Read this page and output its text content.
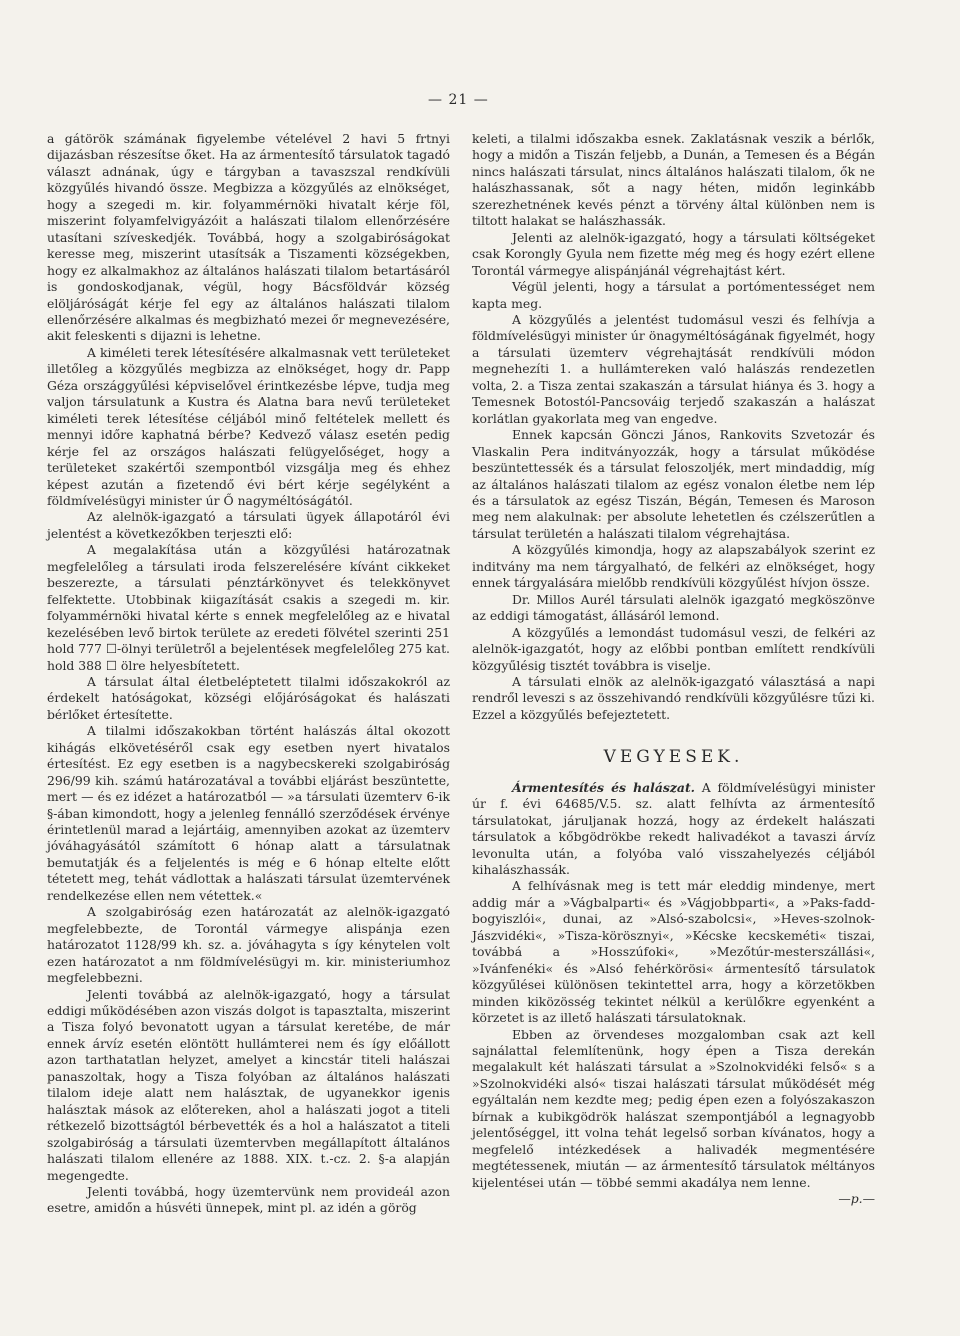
— 21 —

a gátörök számának figyelembe vételével 2 havi 5 frtnyi dijazásban részesítse őket. Ha az ármentesítő társulatok tagadó választ adnának, úgy e tárgyban a tavaszszal rendkívüli közgyűlés hivandó össze. Megbizza a közgyűlés az elnökséget, hogy a szegedi m. kir. folyammérnöki hivatalt kérje föl, miszerint folyamfelvigyázóit a halászati tilalom ellenőrzésére utasítani szíveskedjék. Továbbá, hogy a szolgabiróságokat keresse meg, miszerint utasítsák a Tiszamenti községekben, hogy ez alkalmakhoz az általános halászati tilalom betartásáról is gondoskodjanak, végül, hogy Bácsföldvár község elöljáróságát kérje fel egy az általános halászati tilalom ellenőrzésére alkalmas és megbizható mezei őr megnevezésére, akit feleskenti s dijazni is lehetne.

A kiméleti terek létesítésére alkalmasnak vett területeket illetőleg a közgyűlés megbizza az elnökséget, hogy dr. Papp Géza országgyűlési képviselővel érintkezésbe lépve, tudja meg valjon társulatunk a Kustra és Alatna bara nevű területeket kiméleti terek létesítése céljából minő feltételek mellett és mennyi időre kaphatná bérbe? Kedvező válasz esetén pedig kérje fel az országos halászati felügyelőséget, hogy a területeket szakértői szempontból vizsgálja meg és ehhez képest azután a fizetendő évi bért kérje segélyként a földmívelésügyi minister úr Ő nagyméltóságától.

Az alelnök-igazgató a társulati ügyek állapotáról évi jelentést a következőkben terjeszti elő:

A megalakítása után a közgyűlési határozatnak megfelelőleg a társulati iroda felszerelésére kívánt cikkeket beszerezte, a társulati pénztárkönyvet és telekkönyvet felfektette. Utobbinak kiigazítását csakis a szegedi m. kir. folyammérnöki hivatal kérte s ennek megfelelőleg az e hivatal kezelésében levő birtok területe az eredeti fölvétel szerinti 251 hold 777 ☐-ölnyi területről a bejelentések megfelelőleg 275 kat. hold 388 ☐ ölre helyesbítetett.

A társulat által életbeléptetett tilalmi időszakokról az érdekelt hatóságokat, községi előjáróságokat és halászati bérlőket értesítette.

A tilalmi időszakokban történt halászás által okozott kihágás elkövetéséről csak egy esetben nyert hivatalos értesítést. Ez egy esetben is a nagybecskereki szolgabiróság 296/99 kih. számú határozatával a további eljárást beszüntette, mert — és ez idézet a határozatból — »a társulati üzemterv 6-ik §-ában kimondott, hogy a jelenleg fennálló szerződések érvénye érintetlenül marad a lejártáig, amennyiben azokat az üzemterv jóváhagyásától számított 6 hónap alatt a társulatnak bemutatják és a feljelentés is még e 6 hónap eltelte előtt tétetett meg, tehát vádlottak a halászati társulat üzemtervének rendelkezése ellen nem vétettek.«

A szolgabiróság ezen határozatát az alelnök-igazgató megfelebbezte, de Torontál vármegye alispánja ezen határozatot 1128/99 kh. sz. a. jóváhagyta s így kénytelen volt ezen határozatot a nm földmívelésügyi m. kir. ministeriumhoz megfelebbezni.

Jelenti továbbá az alelnök-igazgató, hogy a társulat eddigi működésében azon viszás dolgot is tapasztalta, miszerint a Tisza folyó bevonatott ugyan a társulat keretébe, de már ennek árvíz esetén elöntött hullámterei nem és így előállott azon tarthatatlan helyzet, amelyet a kincstár titeli halászai panaszoltak, hogy a Tisza folyóban az általános halászati tilalom ideje alatt nem halásztak, de ugyanekkor igenis halásztak mások az előtereken, ahol a halászati jogot a titeli rétkezelő bizottságtól bérbevették és a hol a halászatot a titeli szolgabiróság a társulati üzemtervben megállapított általános halászati tilalom ellenére az 1888. XIX. t.-cz. 2. §-a alapján megengedte.

Jelenti továbbá, hogy üzemtervünk nem provideál azon esetre, amidőn a húsvéti ünnepek, mint pl. az idén a görög

keleti, a tilalmi időszakba esnek. Zaklatásnak veszik a bérlők, hogy a midőn a Tiszán feljebb, a Dunán, a Temesen és a Bégán nincs halászati társulat, nincs általános halászati tilalom, ők ne halászhassanak, sőt a nagy héten, midőn leginkább szerezhetnének kevés pénzt a törvény által különben nem is tiltott halakat se halászhassák.

Jelenti az alelnök-igazgató, hogy a társulati költségeket csak Korongly Gyula nem fizette még meg és hogy ezért ellene Torontál vármegye alispánjánál végrehajtást kért.

Végül jelenti, hogy a társulat a portómentességet nem kapta meg.

A közgyűlés a jelentést tudomásul veszi és felhívja a földmívelésügyi minister úr önagyméltóságának figyelmét, hogy a társulati üzemterv végrehajtását rendkívüli módon megnehezíti 1. a hullámtereken való halászás rendezetlen volta, 2. a Tisza zentai szakaszán a társulat hiánya és 3. hogy a Temesnek Botostól-Pancsováig terjedő szakaszán a halászat korlátlan gyakorlata meg van engedve.

Ennek kapcsán Gönczi János, Rankovits Szvetozár és Vlaskalin Pera inditványozzák, hogy a társulat működése beszüntettessék és a társulat feloszoljék, mert mindaddig, míg az általános halászati tilalom az egész vonalon életbe nem lép és a társulatok az egész Tiszán, Bégán, Temesen és Maroson meg nem alakulnak: per absolute lehetetlen és czélszerűtlen a társulat területén a halászati tilalom végrehajtása.

A közgyűlés kimondja, hogy az alapszabályok szerint ez inditvány ma nem tárgyalható, de felkéri az elnökséget, hogy ennek tárgyalására mielőbb rendkívüli közgyűlést hívjon össze.

Dr. Millos Aurél társulati alelnök igazgató megköszönve az eddigi támogatást, állásáról lemond.

A közgyűlés a lemondást tudomásul veszi, de felkéri az alelnök-igazgatót, hogy az előbbi pontban említett rendkívüli közgyűlésig tisztét továbbra is viselje.

A társulati elnök az alelnök-igazgató választásá a napi rendről leveszi s az összehivandó rendkívüli közgyűlésre tűzi ki. Ezzel a közgyűlés befejeztetett.

VEGYESEK.

Ármentesítés és halászat. A földmívelésügyi minister úr f. évi 64685/V.5. sz. alatt felhívta az ármentesítő társulatokat, járuljanak hozzá, hogy az érdekelt halászati társulatok a kőbgödrökbe rekedt halivadékot a tavaszi árvíz levonulta után, a folyóba való visszahelyezés céljából kihalászhassák.

A felhívásnak meg is tett már eleddig mindenye, mert addig már a »Vágbalparti« és »Vágjobbparti«, a »Paks-fadd-bogyiszlói«, dunai, az »Alsó-szabolcsi«, »Heves-szolnok-Jászvidéki«, »Tisza-körösznyi«, »Kécske kecskeméti« tiszai, továbbá a »Hosszúfoki«, »Mezőtúr-mesterszállási«, »Ivánfenéki« és »Alsó fehérkörösi« ármentesítő társulatok közgyűlései különösen tekintettel arra, hogy a körzetökben minden kiközösség tekintet nélkül a kerülőkre egyenként a körzetet is az illető halászati társulatoknak.

Ebben az örvendeses mozgalomban csak azt kell sajnálattal felemlítenünk, hogy épen a Tisza derekán megalakult két halászati társulat a »Szolnokvidéki felső« s a »Szolnokvidéki alsó« tiszai halászati társulat működését még egyáltalán nem kezdte meg; pedig épen ezen a folyószakaszon bírnak a kubikgödrök halászat szempontjából a legnagyobb jelentőséggel, itt volna tehát legelső sorban kívánatos, hogy a megfelelő intézkedések a halivadék megmentésére megtétessenek, miután — az ármentesítő társulatok méltányos kijelentései után — többé semmi akadálya nem lenne.

—p.—
